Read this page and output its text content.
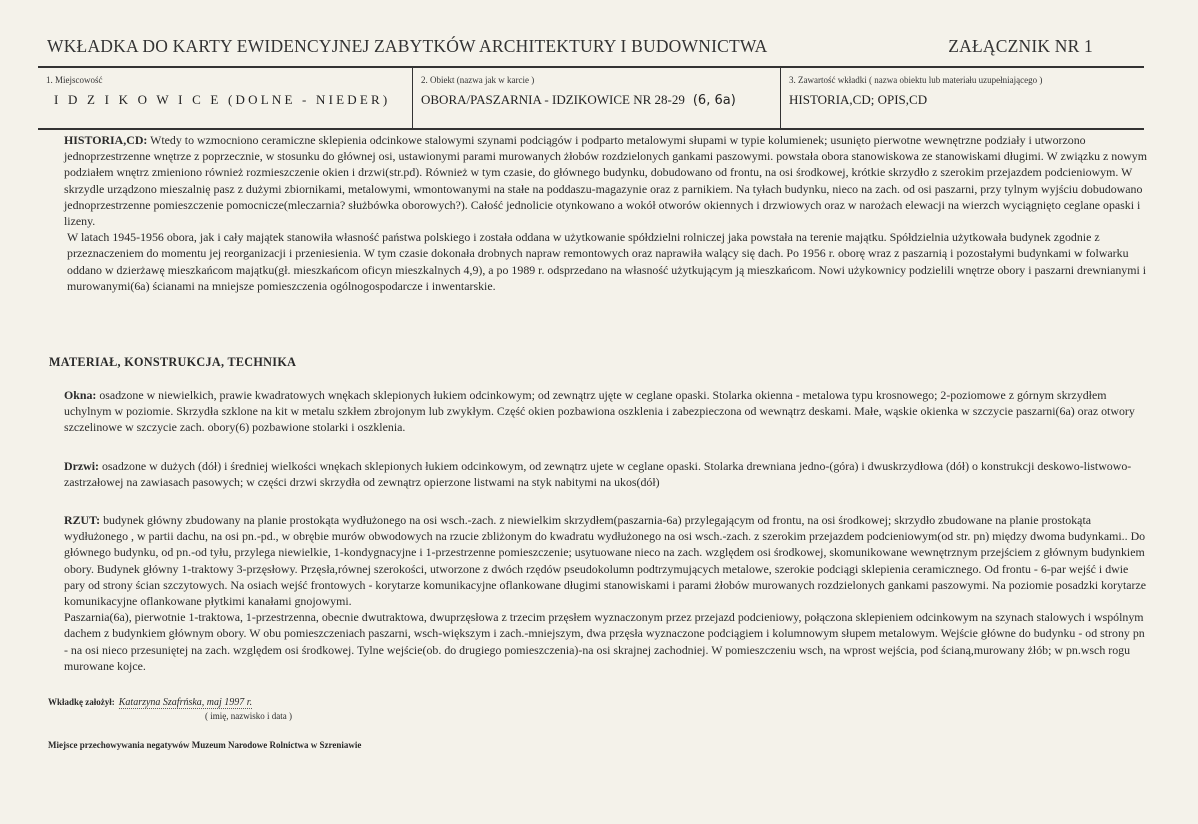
WKŁADKA DO KARTY EWIDENCYJNEJ ZABYTKÓW ARCHITEKTURY I BUDOWNICTWA	ZAŁĄCZNIK NR 1
1. Miejscowość
I D Z I K O W I C E (DOLNE - NIEDER)
2. Obiekt (nazwa jak w karcie )
OBORA/PASZARNIA - IDZIKOWICE NR 28-29 (6, 6a)
3. Zawartość wkładki ( nazwa obiektu lub materiału uzupełniającego )
HISTORIA,CD; OPIS,CD

HISTORIA,CD: Wtedy to wzmocniono ceramiczne sklepienia odcinkowe stalowymi szynami podciągów i podparto metalowymi słupami w typie kolumienek; usunięto pierwotne wewnętrzne podziały i utworzono jednoprzestrzenne wnętrze z poprzecznie, w stosunku do głównej osi, ustawionymi parami murowanych żłobów rozdzielonych gankami paszowymi. powstała obora stanowiskowa ze stanowiskami długimi. W związku z nowym podziałem wnętrz zmieniono również rozmieszczenie okien i drzwi(str.pd). Również w tym czasie, do głównego budynku, dobudowano od frontu, na osi środkowej, krótkie skrzydło z szerokim przejazdem podcieniowym. W skrzydle urządzono mieszalnię pasz z dużymi zbiornikami, metalowymi, wmontowanymi na stałe na poddaszu-magazynie oraz z parnikiem. Na tyłach budynku, nieco na zach. od osi paszarni, przy tylnym wyjściu dobudowano jednoprzestrzenne pomieszczenie pomocnicze(mleczarnia? służbówka oborowych?). Całość jednolicie otynkowano a wokół otworów okiennych i drzwiowych oraz w narożach elewacji na wierzch wyciągnięto ceglane opaski i lizeny.

W latach 1945-1956 obora, jak i cały majątek stanowiła własność państwa polskiego i została oddana w użytkowanie spółdzielni rolniczej jaka powstała na terenie majątku. Spółdzielnia użytkowała budynek zgodnie z przeznaczeniem do momentu jej reorganizacji i przeniesienia. W tym czasie dokonała drobnych napraw remontowych oraz naprawiła walący się dach. Po 1956 r. oborę wraz z paszarnią i pozostałymi budynkami w folwarku oddano w dzierżawę mieszkańcom majątku(gł. mieszkańcom oficyn mieszkalnych 4,9), a po 1989 r. odsprzedano na własność użytkującym ją mieszkańcom. Nowi użykownicy podzielili wnętrze obory i paszarni drewnianymi i murowanymi(6a) ścianami na mniejsze pomieszczenia ogólnogospodarcze i inwentarskie.

MATERIAŁ, KONSTRUKCJA, TECHNIKA

Okna: osadzone w niewielkich, prawie kwadratowych wnękach sklepionych łukiem odcinkowym; od zewnątrz ujęte w ceglane opaski. Stolarka okienna - metalowa typu krosnowego; 2-poziomowe z górnym skrzydłem uchylnym w poziomie. Skrzydła szklone na kit w metalu szkłem zbrojonym lub zwykłym. Część okien pozbawiona oszklenia i zabezpieczona od wewnątrz deskami. Małe, wąskie okienka w szczycie paszarni(6a) oraz otwory szczelinowe w szczycie zach. obory(6) pozbawione stolarki i oszklenia.

Drzwi: osadzone w dużych (dół) i średniej wielkości wnękach sklepionych łukiem odcinkowym, od zewnątrz ujete w ceglane opaski. Stolarka drewniana jedno-(góra) i dwuskrzydłowa (dół) o konstrukcji deskowo-listwowo-zastrzałowej na zawiasach pasowych; w części drzwi skrzydła od zewnątrz opierzone listwami na styk nabitymi na ukos(dół)

RZUT: budynek główny zbudowany na planie prostokąta wydłużonego na osi wsch.-zach. z niewielkim skrzydłem(paszarnia-6a) przylegającym od frontu, na osi środkowej; skrzydło zbudowane na planie prostokąta wydłużonego , w partii dachu, na osi pn.-pd., w obrębie murów obwodowych na rzucie zbliżonym do kwadratu wydłużonego na osi wsch.-zach. z szerokim przejazdem podcieniowym(od str. pn) między dwoma budynkami.. Do głównego budynku, od pn.-od tyłu, przylega niewielkie, 1-kondygnacyjne i 1-przestrzenne pomieszczenie; usytuowane nieco na zach. względem osi środkowej, skomunikowane wewnętrznym przejściem z głównym budynkiem obory. Budynek główny 1-traktowy 3-przęsłowy. Przęsła,równej szerokości, utworzone z dwóch rzędów pseudokolumn podtrzymujących metalowe, szerokie podciągi sklepienia ceramicznego. Od frontu - 6-par wejść i dwie pary od strony ścian szczytowych. Na osiach wejść frontowych - korytarze komunikacyjne oflankowane długimi stanowiskami i parami żłobów murowanych rozdzielonych gankami paszowymi. Na poziomie posadzki korytarze komunikacyjne oflankowane płytkimi kanałami gnojowymi.

Paszarnia(6a), pierwotnie 1-traktowa, 1-przestrzenna, obecnie dwutraktowa, dwuprzęsłowa z trzecim przęsłem wyznaczonym przez przejazd podcieniowy, połączona sklepieniem odcinkowym na szynach stalowych i wspólnym dachem z budynkiem głównym obory. W obu pomieszczeniach paszarni, wsch-większym i zach.-mniejszym, dwa przęsła wyznaczone podciągiem i kolumnowym słupem metalowym. Wejście główne do budynku - od strony pn - na osi nieco przesuniętej na zach. względem osi środkowej. Tylne wejście(ob. do drugiego pomieszczenia)-na osi skrajnej zachodniej. W pomieszczeniu wsch, na wprost wejścia, pod ścianą,murowany żłób; w pn.wsch rogu murowane kojce.

Wkładkę założył: Katarzyna Szafrńska, maj 1997 r.
( imię, nazwisko i data )
Miejsce przechowywania negatywów Muzeum Narodowe Rolnictwa w Szreniawie
